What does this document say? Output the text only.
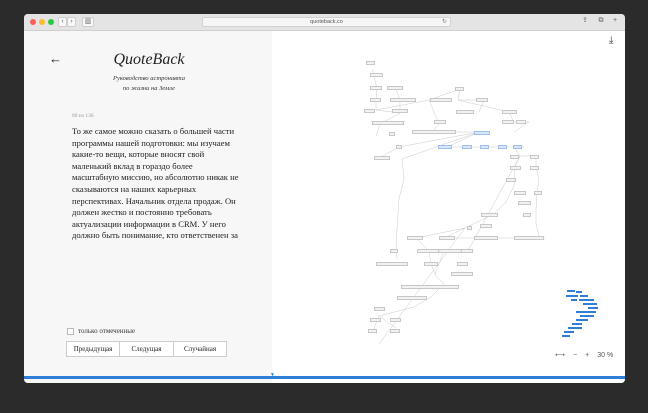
‹ ›	▥	quoteback.co	↻	⇪	⧉	+
←	QuoteBack
Руководство астронавта
по жизни на Земле
80 из 136
То же самое можно сказать о большей части программы нашей подготовки: мы изучаем какие-то вещи, которые вносят свой маленький вклад в гораздо более масштабную миссию, но абсолютно никак не сказываются на наших карьерных перспективах. Начальник отдела продаж. Он должен жестко и постоянно требовать актуализации информации в CRM. У него должно быть понимание, кто ответственен за
только отмеченные
Предыдущая	Следущая	Случайная
⤓
⟷ − + 30 %
▼
